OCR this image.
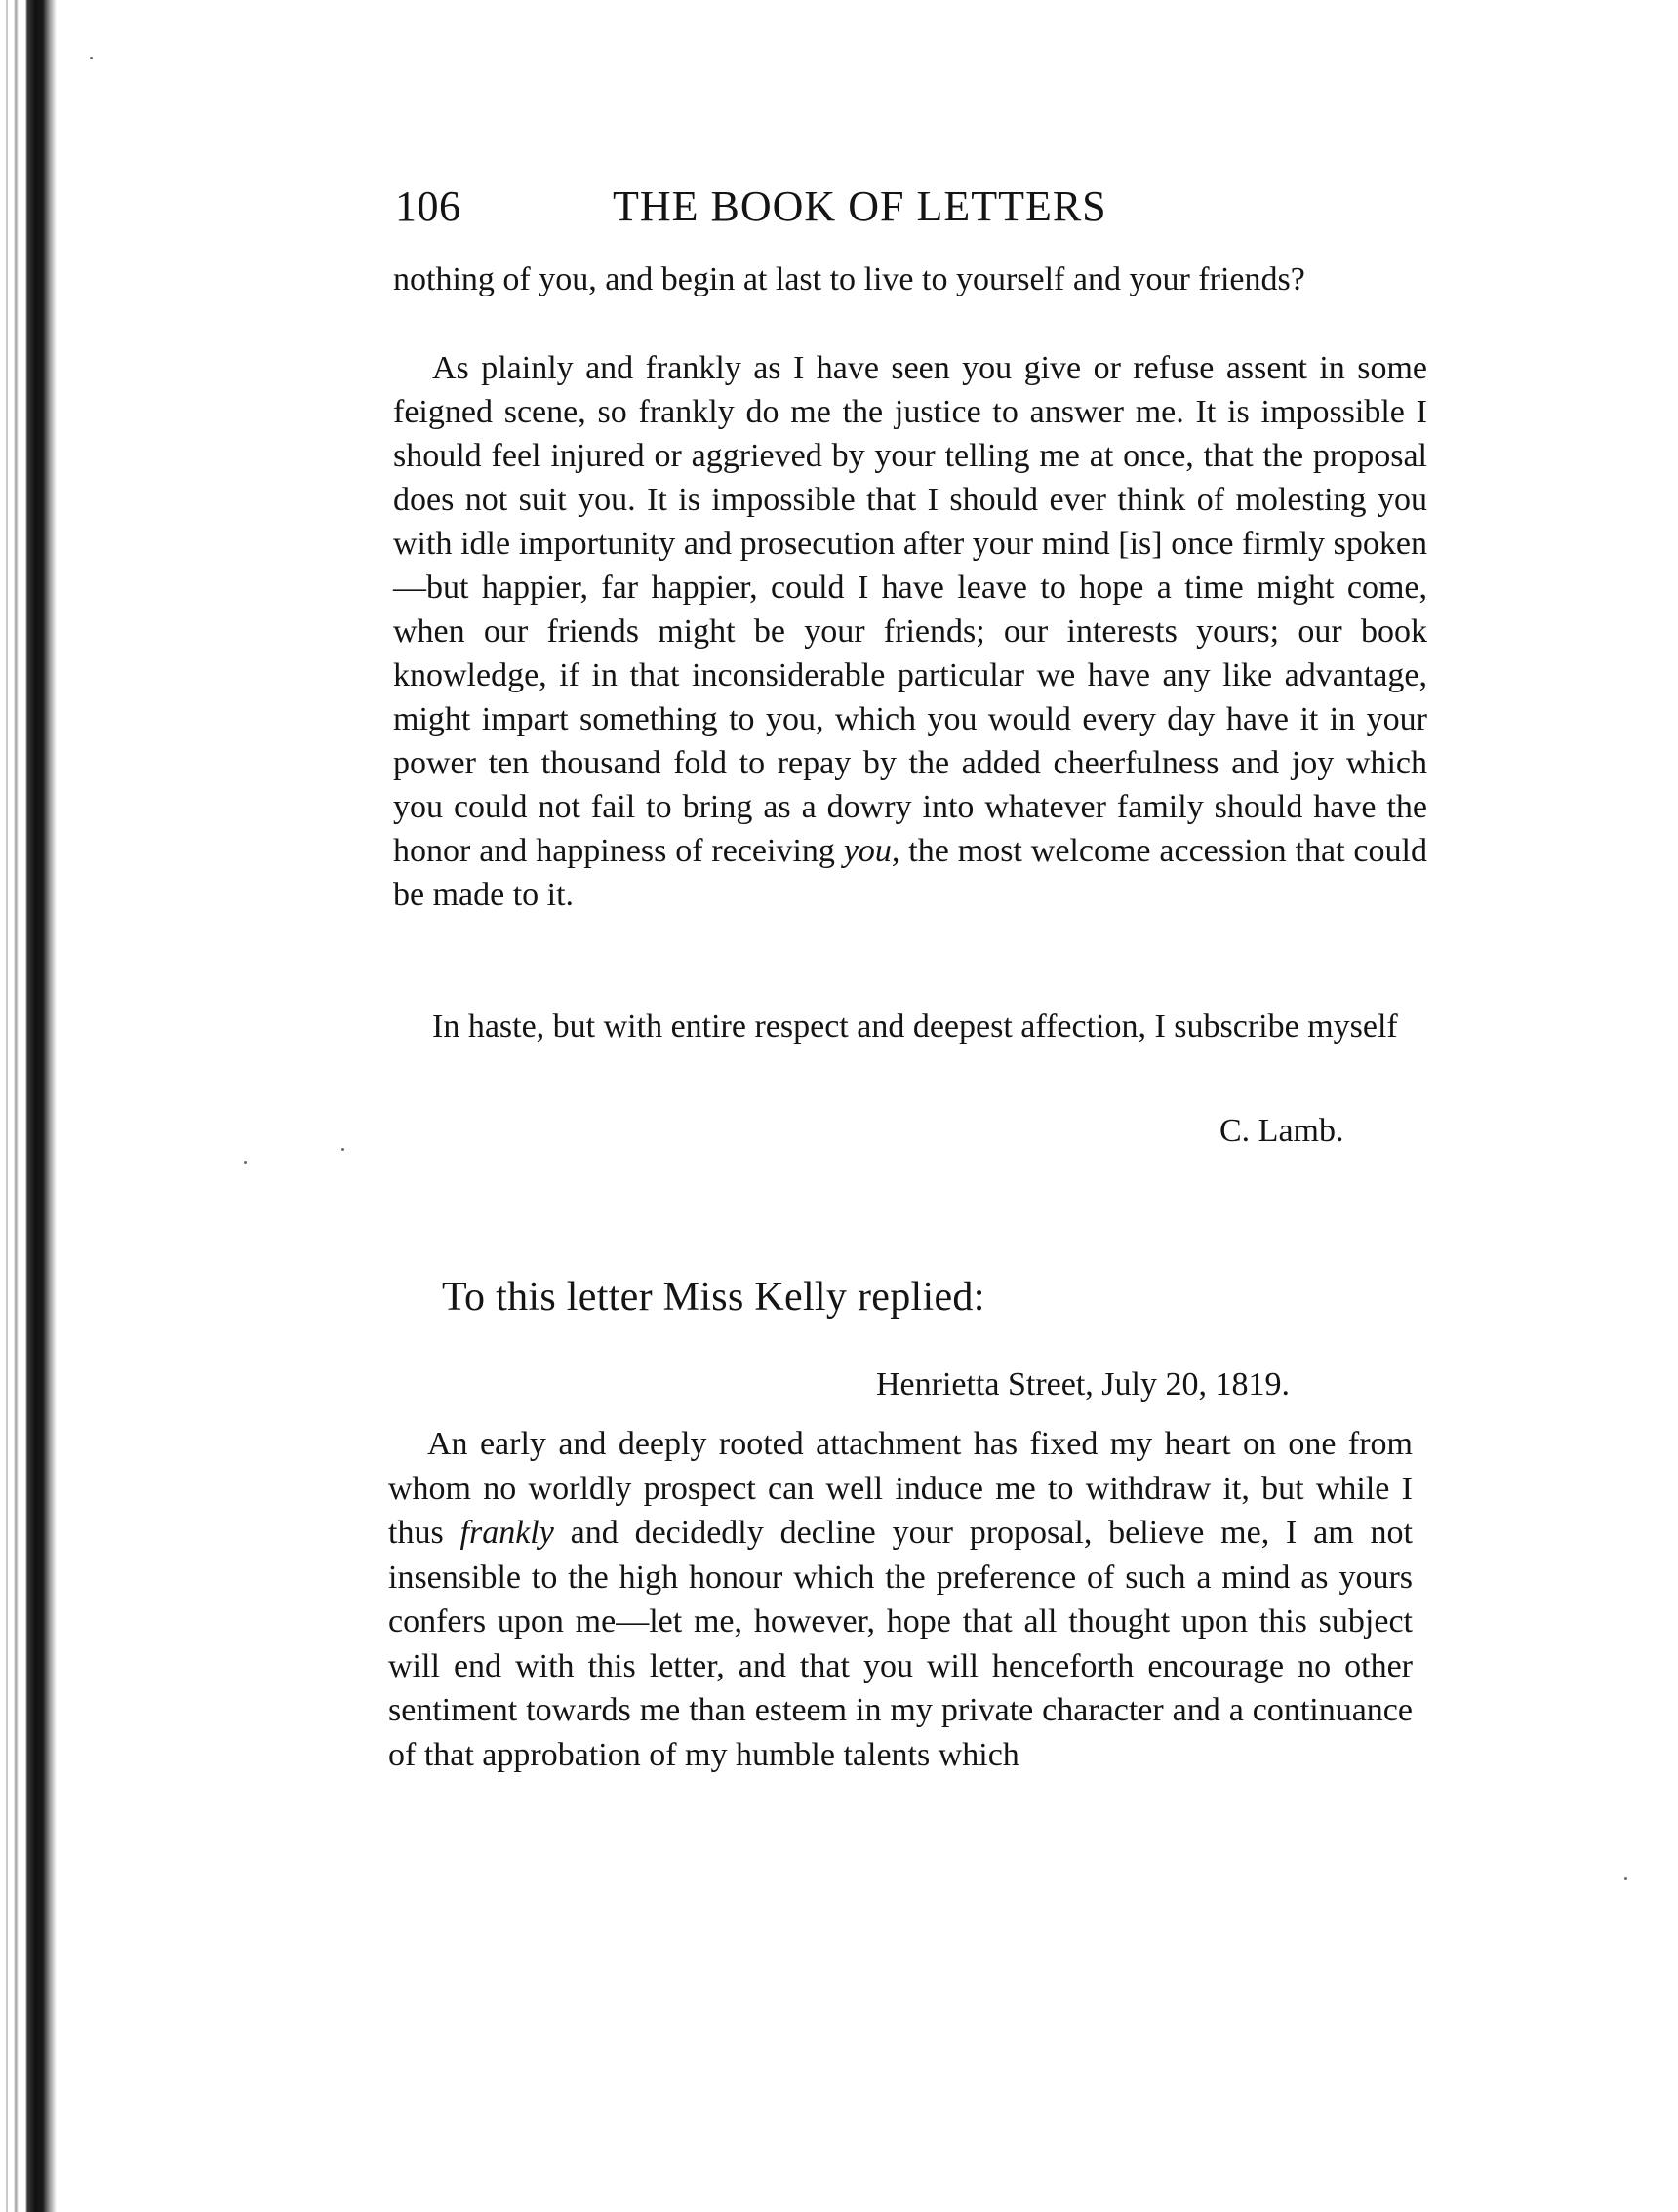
106	THE BOOK OF LETTERS

nothing of you, and begin at last to live to yourself and your friends?

As plainly and frankly as I have seen you give or refuse assent in some feigned scene, so frankly do me the justice to answer me. It is impossible I should feel injured or aggrieved by your telling me at once, that the proposal does not suit you. It is impossible that I should ever think of molesting you with idle importunity and prosecution after your mind [is] once firmly spoken—but happier, far happier, could I have leave to hope a time might come, when our friends might be your friends; our interests yours; our book knowledge, if in that inconsiderable particular we have any like advantage, might impart something to you, which you would every day have it in your power ten thousand fold to repay by the added cheerfulness and joy which you could not fail to bring as a dowry into whatever family should have the honor and happiness of receiving you, the most welcome accession that could be made to it.

In haste, but with entire respect and deepest affection, I subscribe myself

C. Lamb.
To this letter Miss Kelly replied:
Henrietta Street, July 20, 1819.

An early and deeply rooted attachment has fixed my heart on one from whom no worldly prospect can well induce me to withdraw it, but while I thus frankly and decidedly decline your proposal, believe me, I am not insensible to the high honour which the preference of such a mind as yours confers upon me—let me, however, hope that all thought upon this subject will end with this letter, and that you will henceforth encourage no other sentiment towards me than esteem in my private character and a continuance of that approbation of my humble talents which
